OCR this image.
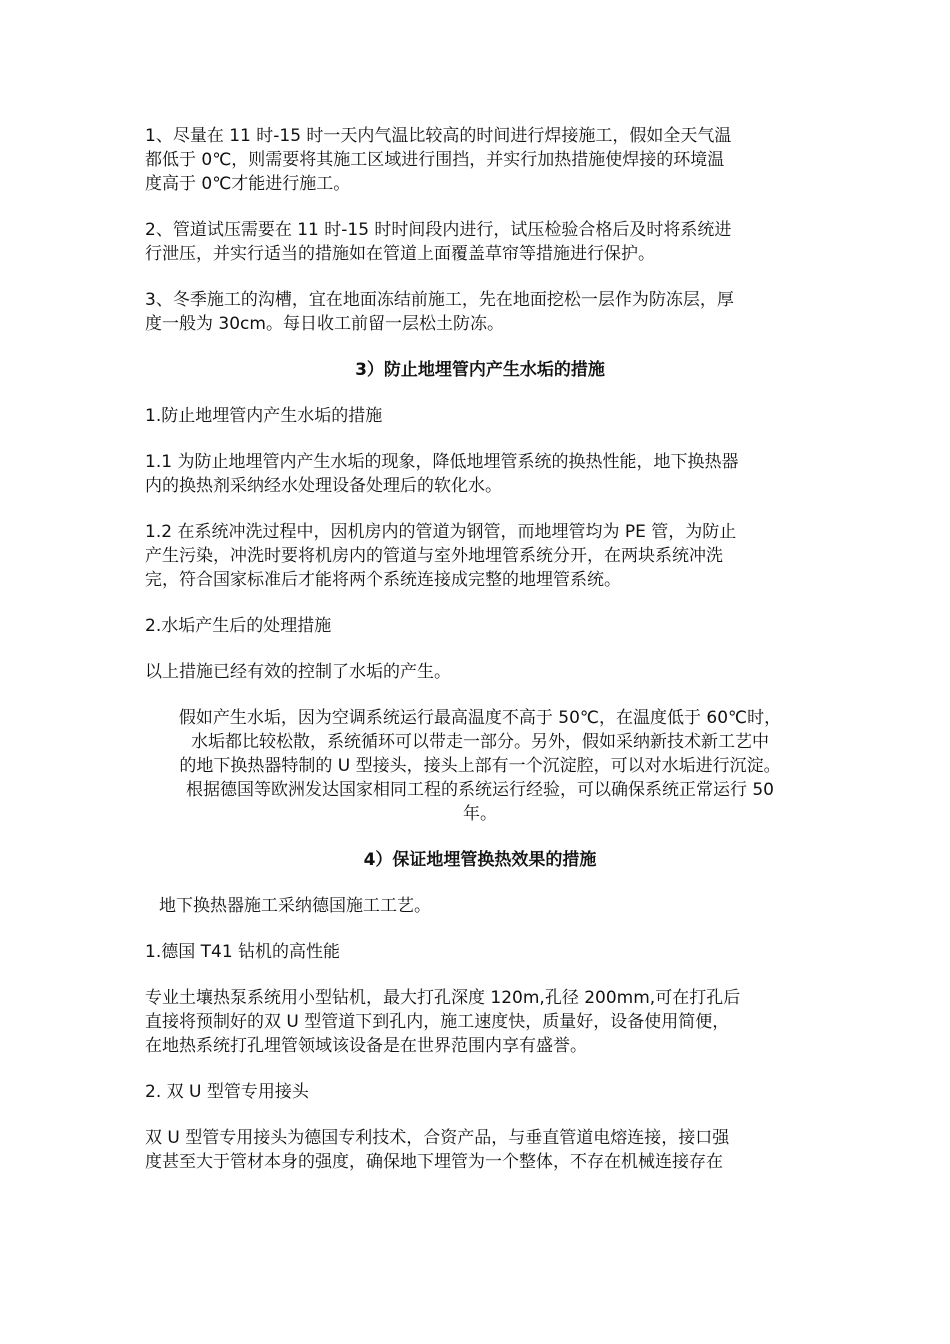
1、尽量在 11 时-15 时一天内气温比较高的时间进行焊接施工，假如全天气温

都低于 0℃，则需要将其施工区域进行围挡，并实行加热措施使焊接的环境温

度高于 0℃才能进行施工。

2、管道试压需要在 11 时-15 时时间段内进行，试压检验合格后及时将系统进

行泄压，并实行适当的措施如在管道上面覆盖草帘等措施进行保护。

3、冬季施工的沟槽，宜在地面冻结前施工，先在地面挖松一层作为防冻层，厚

度一般为 30cm。每日收工前留一层松土防冻。

3）防止地埋管内产生水垢的措施

1.防止地埋管内产生水垢的措施

1.1 为防止地埋管内产生水垢的现象，降低地埋管系统的换热性能，地下换热器

内的换热剂采纳经水处理设备处理后的软化水。

1.2 在系统冲洗过程中，因机房内的管道为钢管，而地埋管均为 PE 管，为防止

产生污染，冲洗时要将机房内的管道与室外地埋管系统分开，在两块系统冲洗

完，符合国家标准后才能将两个系统连接成完整的地埋管系统。

2.水垢产生后的处理措施

以上措施已经有效的控制了水垢的产生。

假如产生水垢，因为空调系统运行最高温度不高于 50℃，在温度低于 60℃时，

水垢都比较松散，系统循环可以带走一部分。另外，假如采纳新技术新工艺中

的地下换热器特制的 U 型接头，接头上部有一个沉淀腔，可以对水垢进行沉淀。

根据德国等欧洲发达国家相同工程的系统运行经验，可以确保系统正常运行 50

年。

4）保证地埋管换热效果的措施

地下换热器施工采纳德国施工工艺。

1.德国 T41 钻机的高性能

专业土壤热泵系统用小型钻机，最大打孔深度 120m,孔径 200mm,可在打孔后

直接将预制好的双 U 型管道下到孔内，施工速度快，质量好，设备使用简便，

在地热系统打孔埋管领域该设备是在世界范围内享有盛誉。

2. 双 U 型管专用接头

双 U 型管专用接头为德国专利技术，合资产品，与垂直管道电熔连接，接口强

度甚至大于管材本身的强度，确保地下埋管为一个整体，不存在机械连接存在
